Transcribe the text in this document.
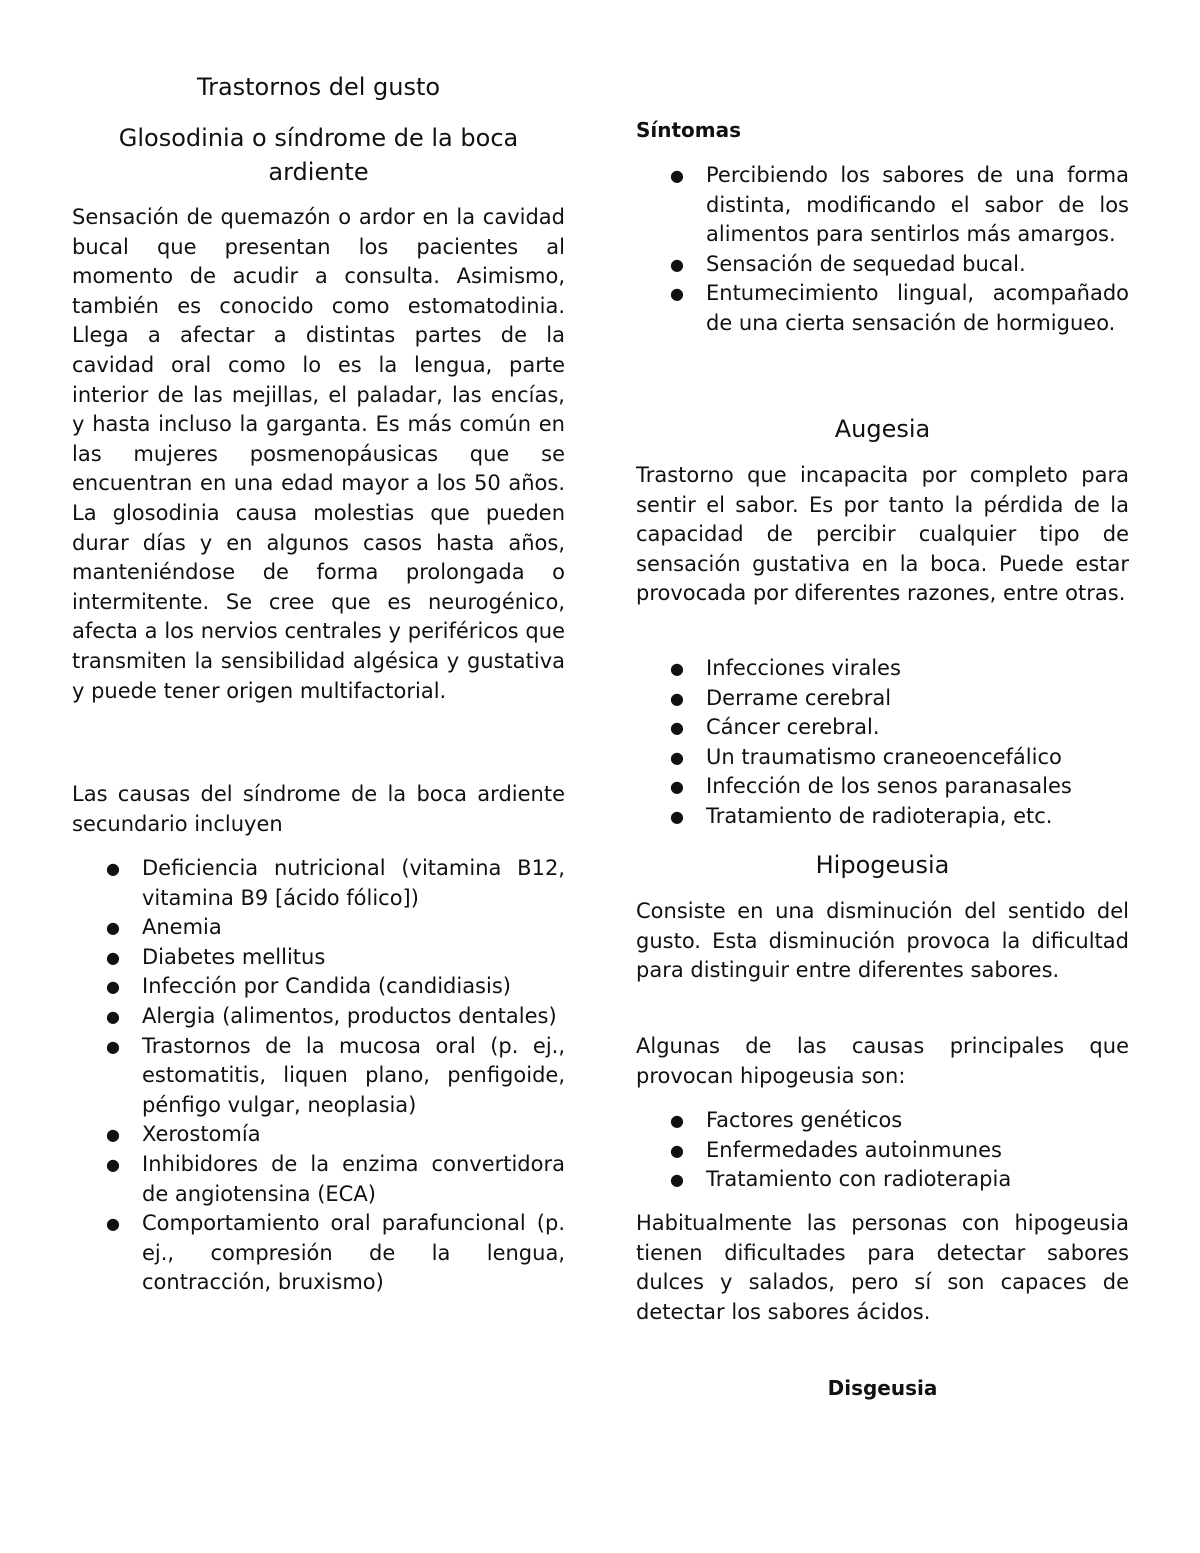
Trastornos del gusto
Glosodinia o síndrome de la boca ardiente

Sensación de quemazón o ardor en la cavidad bucal que presentan los pacientes al momento de acudir a consulta. Asimismo, también es conocido como estomatodinia. Llega a afectar a distintas partes de la cavidad oral como lo es la lengua, parte interior de las mejillas, el paladar, las encías, y hasta incluso la garganta. Es más común en las mujeres posmenopáusicas que se encuentran en una edad mayor a los 50 años. La glosodinia causa molestias que pueden durar días y en algunos casos hasta años, manteniéndose de forma prolongada o intermitente. Se cree que es neurogénico, afecta a los nervios centrales y periféricos que transmiten la sensibilidad algésica y gustativa y puede tener origen multifactorial.

Las causas del síndrome de la boca ardiente secundario incluyen

● Deficiencia nutricional (vitamina B12, vitamina B9 [ácido fólico])
● Anemia
● Diabetes mellitus
● Infección por Candida (candidiasis)
● Alergia (alimentos, productos dentales)
● Trastornos de la mucosa oral (p. ej., estomatitis, liquen plano, penfigoide, pénfigo vulgar, neoplasia)
● Xerostomía
● Inhibidores de la enzima convertidora de angiotensina (ECA)
● Comportamiento oral parafuncional (p. ej., compresión de la lengua, contracción, bruxismo)
Síntomas
● Percibiendo los sabores de una forma distinta, modificando el sabor de los alimentos para sentirlos más amargos.
● Sensación de sequedad bucal.
● Entumecimiento lingual, acompañado de una cierta sensación de hormigueo.
Augesia

Trastorno que incapacita por completo para sentir el sabor. Es por tanto la pérdida de la capacidad de percibir cualquier tipo de sensación gustativa en la boca. Puede estar provocada por diferentes razones, entre otras.

● Infecciones virales
● Derrame cerebral
● Cáncer cerebral.
● Un traumatismo craneoencefálico
● Infección de los senos paranasales
● Tratamiento de radioterapia, etc.
Hipogeusia

Consiste en una disminución del sentido del gusto. Esta disminución provoca la dificultad para distinguir entre diferentes sabores.

Algunas de las causas principales que provocan hipogeusia son:

● Factores genéticos
● Enfermedades autoinmunes
● Tratamiento con radioterapia

Habitualmente las personas con hipogeusia tienen dificultades para detectar sabores dulces y salados, pero sí son capaces de detectar los sabores ácidos.

Disgeusia
